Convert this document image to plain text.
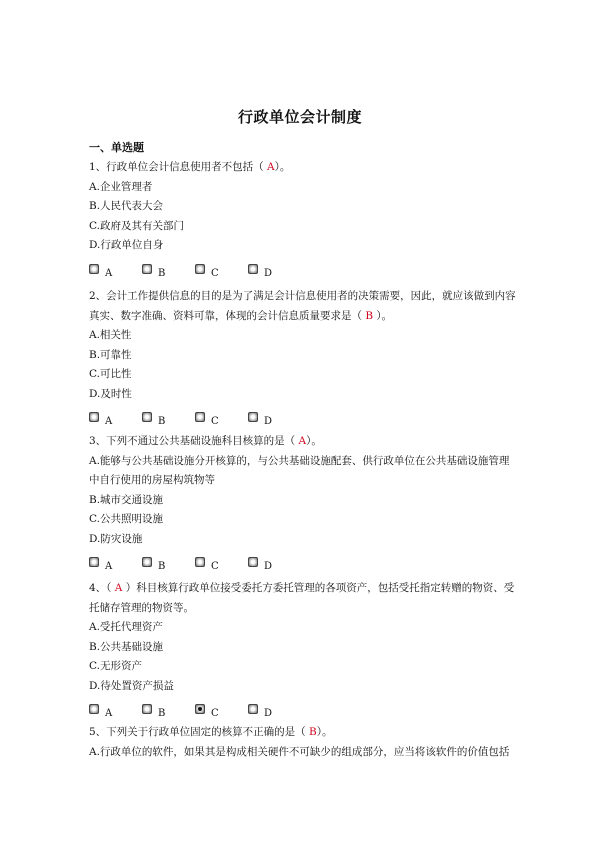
行政单位会计制度
一、单选题
1、行政单位会计信息使用者不包括（ A）。
A.企业管理者
B.人民代表大会
C.政府及其有关部门
D.行政单位自身
A	B	C	D
2、会计工作提供信息的目的是为了满足会计信息使用者的决策需要，因此，就应该做到内容真实、数字准确、资料可靠，体现的会计信息质量要求是（ B ）。
A.相关性
B.可靠性
C.可比性
D.及时性
A	B	C	D
3、下列不通过公共基础设施科目核算的是（ A）。
A.能够与公共基础设施分开核算的，与公共基础设施配套、供行政单位在公共基础设施管理中自行使用的房屋构筑物等
B.城市交通设施
C.公共照明设施
D.防灾设施
A	B	C	D
4、（ A ）科目核算行政单位接受委托方委托管理的各项资产，包括受托指定转赠的物资、受托储存管理的物资等。
A.受托代理资产
B.公共基础设施
C.无形资产
D.待处置资产损益
A	B	C	D
5、下列关于行政单位固定的核算不正确的是（ B）。
A.行政单位的软件，如果其是构成相关硬件不可缺少的组成部分，应当将该软件的价值包括
